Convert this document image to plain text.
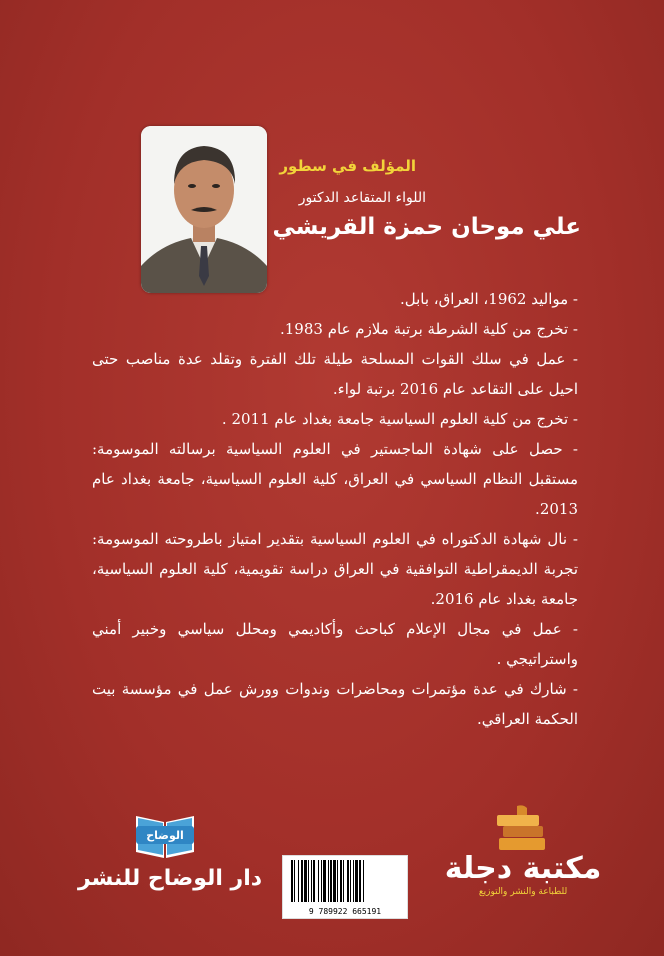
المؤلف في سطور
اللواء المتقاعد الدكتور
علي موحان حمزة القريشي

- مواليد 1962، العراق، بابل.

- تخرج من كلية الشرطة برتبة ملازم عام 1983.

- عمل في سلك القوات المسلحة طيلة تلك الفترة وتقلد عدة مناصب حتى احيل على التقاعد عام 2016 برتبة لواء.

- تخرج من كلية العلوم السياسية جامعة بغداد عام 2011 .

- حصل على شهادة الماجستير في العلوم السياسية برسالته الموسومة: مستقبل النظام السياسي في العراق، كلية العلوم السياسية، جامعة بغداد عام 2013.

- نال شهادة الدكتوراه في العلوم السياسية بتقدير امتياز باطروحته الموسومة: تجربة الديمقراطية التوافقية في العراق دراسة تقويمية، كلية العلوم السياسية، جامعة بغداد عام 2016.

- عمل في مجال الإعلام كباحث وأكاديمي ومحلل سياسي وخبير أمني واستراتيجي .

- شارك في عدة مؤتمرات ومحاضرات وندوات وورش عمل في مؤسسة بيت الحكمة العراقي.

الوضاح
دار الوضاح للنشر
9 789922 665191
مكتبة دجلة
للطباعة والنشر والتوزيع
